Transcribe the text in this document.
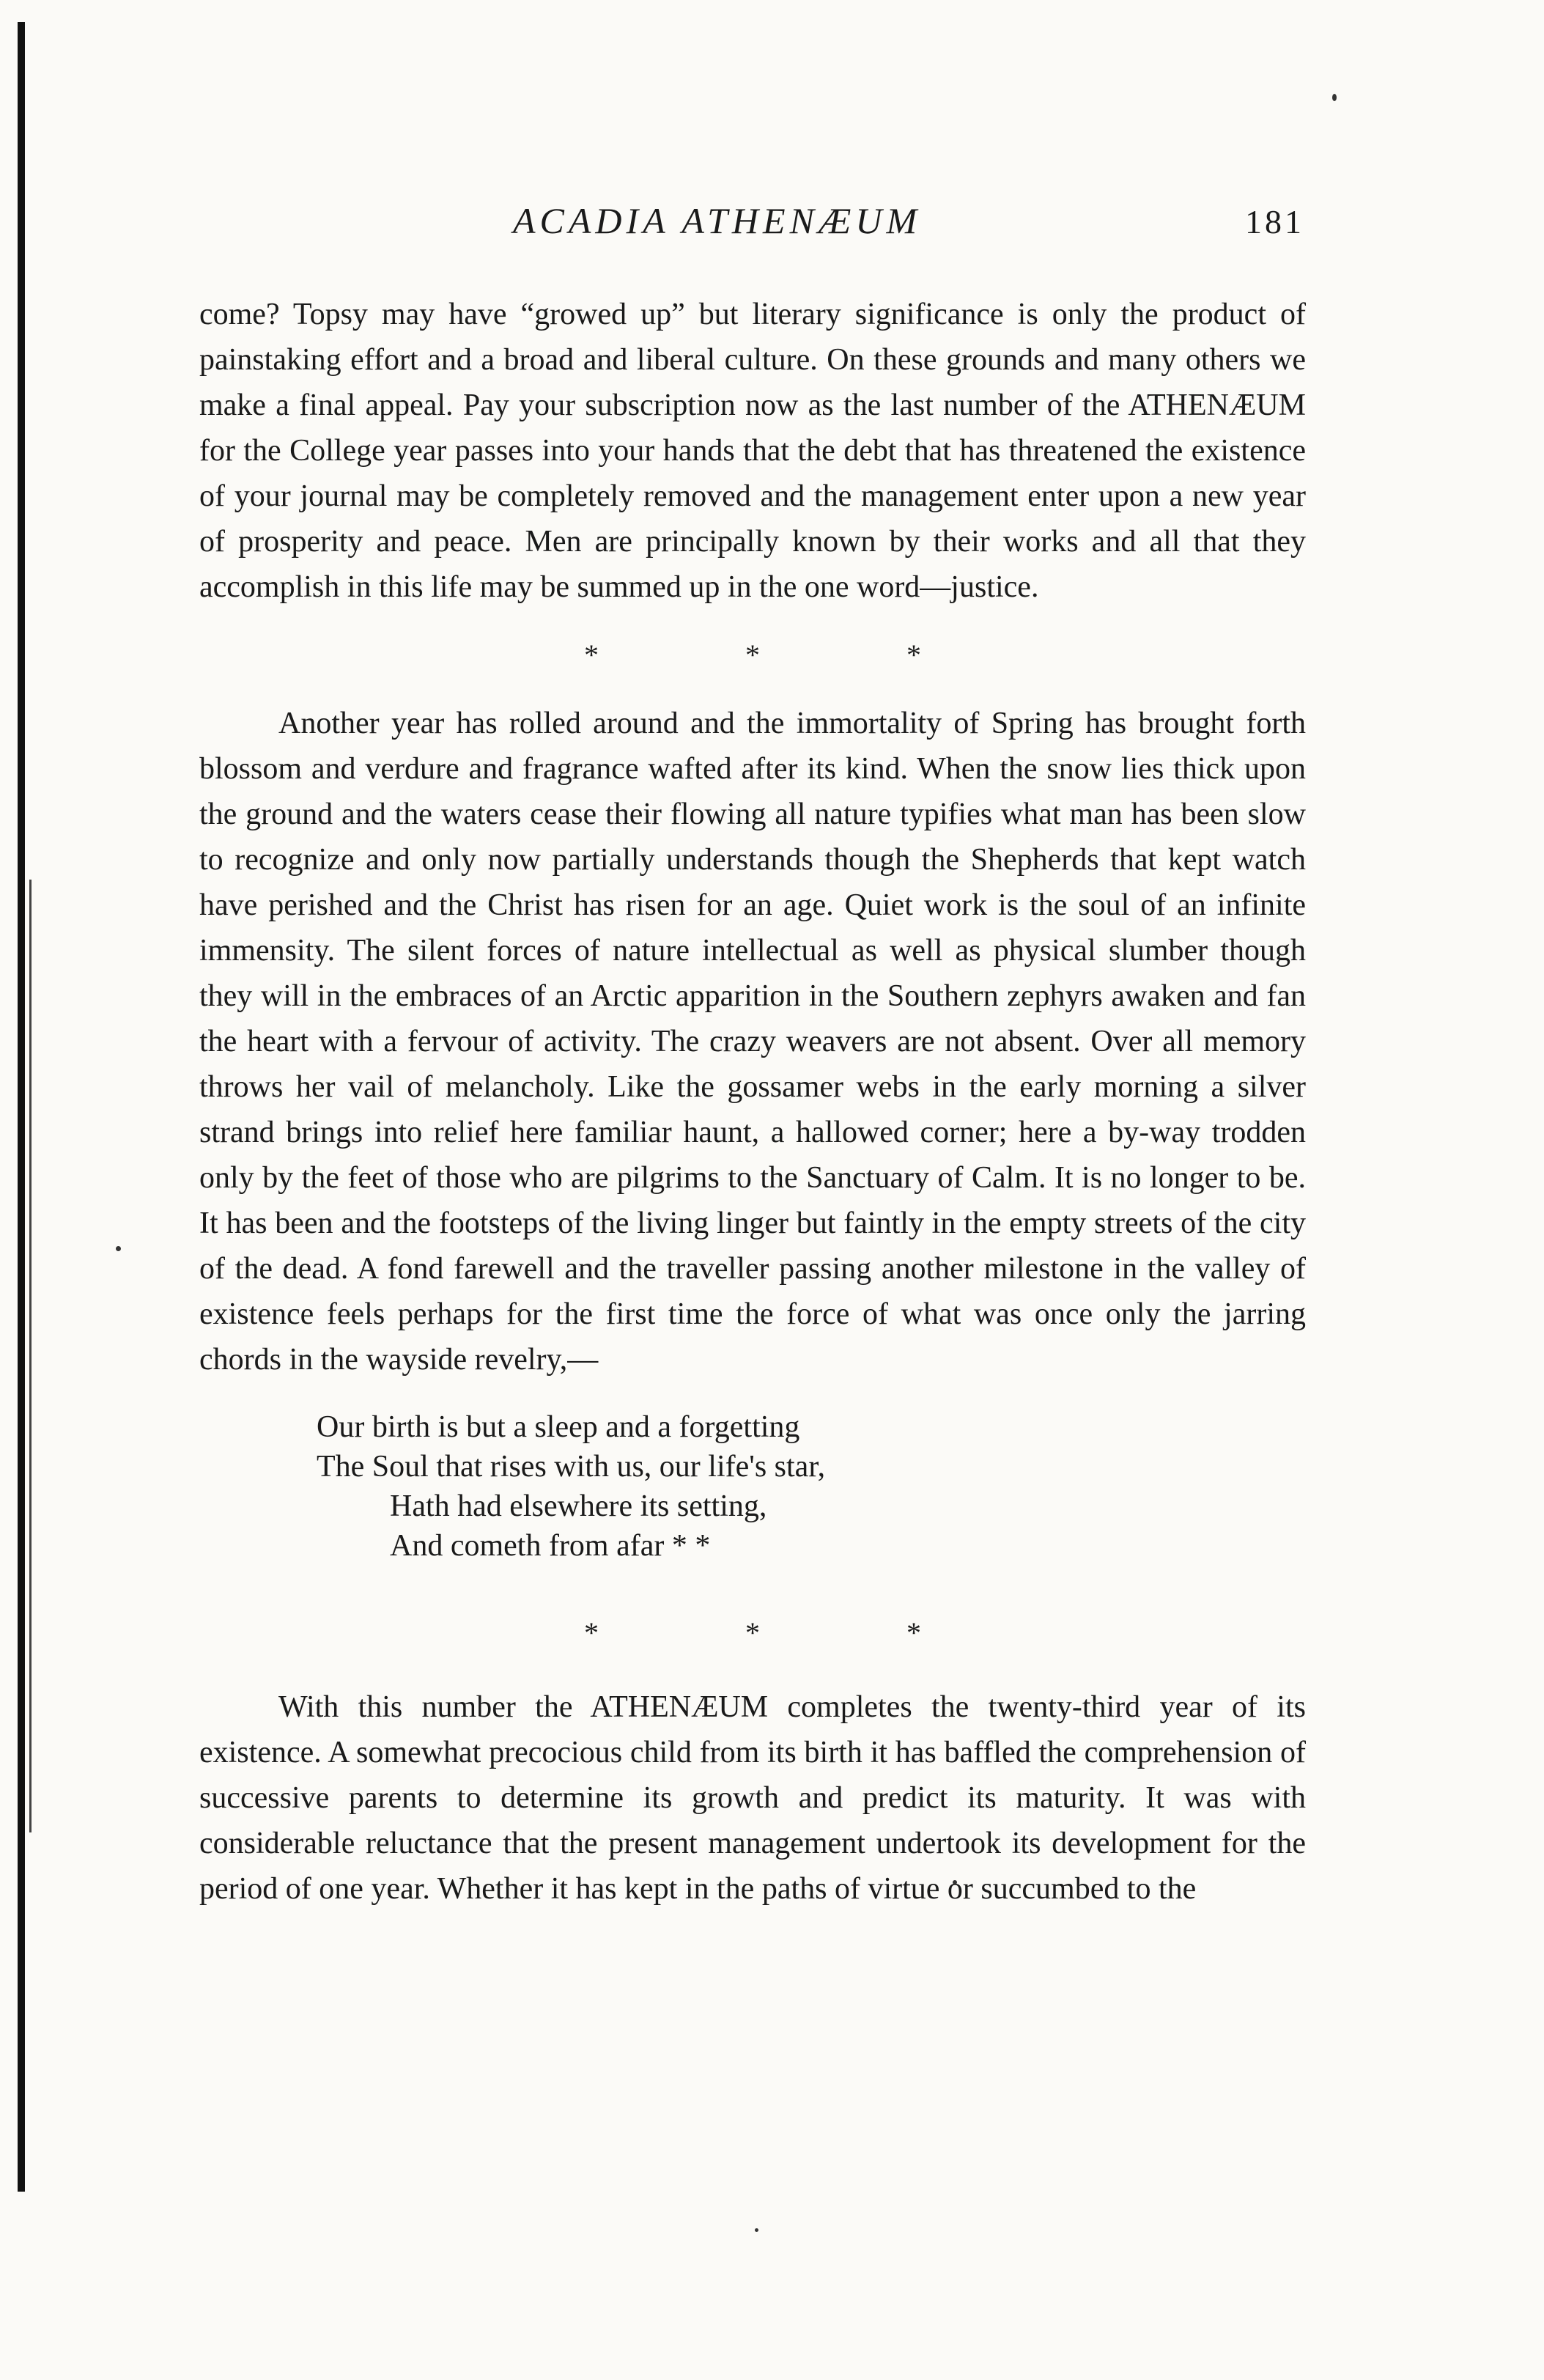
ACADIA ATHENÆUM	181

come? Topsy may have “growed up” but literary significance is only the product of painstaking effort and a broad and liberal culture. On these grounds and many others we make a final appeal. Pay your subscription now as the last number of the ATHENÆUM for the College year passes into your hands that the debt that has threatened the existence of your journal may be completely removed and the management enter upon a new year of prosperity and peace. Men are principally known by their works and all that they accomplish in this life may be summed up in the one word—justice.

*	*	*

Another year has rolled around and the immortality of Spring has brought forth blossom and verdure and fragrance wafted after its kind. When the snow lies thick upon the ground and the waters cease their flowing all nature typifies what man has been slow to recognize and only now partially understands though the Shepherds that kept watch have perished and the Christ has risen for an age. Quiet work is the soul of an infinite immensity. The silent forces of nature intellectual as well as physical slumber though they will in the embraces of an Arctic apparition in the Southern zephyrs awaken and fan the heart with a fervour of activity. The crazy weavers are not absent. Over all memory throws her vail of melancholy. Like the gossamer webs in the early morning a silver strand brings into relief here familiar haunt, a hallowed corner; here a by-way trodden only by the feet of those who are pilgrims to the Sanctuary of Calm. It is no longer to be. It has been and the footsteps of the living linger but faintly in the empty streets of the city of the dead. A fond farewell and the traveller passing another milestone in the valley of existence feels perhaps for the first time the force of what was once only the jarring chords in the wayside revelry,—

Our birth is but a sleep and a forgetting
The Soul that rises with us, our life's star,
Hath had elsewhere its setting,
And cometh from afar * *
*	*	*

With this number the ATHENÆUM completes the twenty-third year of its existence. A somewhat precocious child from its birth it has baffled the comprehension of successive parents to determine its growth and predict its maturity. It was with considerable reluctance that the present management undertook its development for the period of one year. Whether it has kept in the paths of virtue or succumbed to the
